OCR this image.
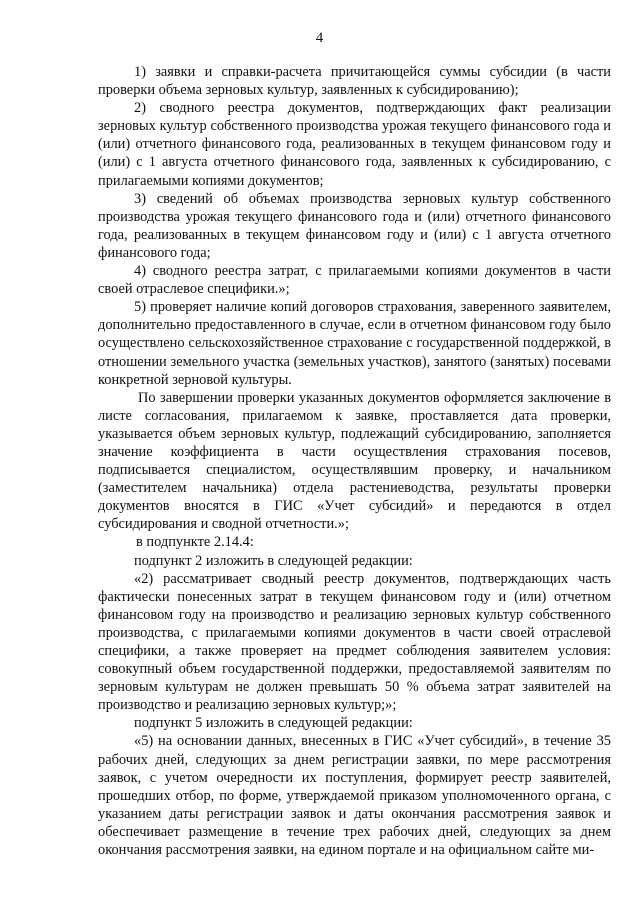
4

1) заявки и справки-расчета причитающейся суммы субсидии (в части проверки объема зерновых культур, заявленных к субсидированию);

2) сводного реестра документов, подтверждающих факт реализации зерновых культур собственного производства урожая текущего финансового года и (или) отчетного финансового года, реализованных в текущем финансовом году и (или) с 1 августа отчетного финансового года, заявленных к субсидированию, с прилагаемыми копиями документов;

3) сведений об объемах производства зерновых культур собственного производства урожая текущего финансового года и (или) отчетного финансового года, реализованных в текущем финансовом году и (или) с 1 августа отчетного финансового года;

4) сводного реестра затрат, с прилагаемыми копиями документов в части своей отраслевое специфики.»;

5) проверяет наличие копий договоров страхования, заверенного заявителем, дополнительно предоставленного в случае, если в отчетном финансовом году было осуществлено сельскохозяйственное страхование с государственной поддержкой, в отношении земельного участка (земельных участков), занятого (занятых) посевами конкретной зерновой культуры.

По завершении проверки указанных документов оформляется заключение в листе согласования, прилагаемом к заявке, проставляется дата проверки, указывается объем зерновых культур, подлежащий субсидированию, заполняется значение коэффициента в части осуществления страхования посевов, подписывается специалистом, осуществлявшим проверку, и начальником (заместителем начальника) отдела растениеводства, результаты проверки документов вносятся в ГИС «Учет субсидий» и передаются в отдел субсидирования и сводной отчетности.»;

в подпункте 2.14.4:

подпункт 2 изложить в следующей редакции:

«2) рассматривает сводный реестр документов, подтверждающих часть фактически понесенных затрат в текущем финансовом году и (или) отчетном финансовом году на производство и реализацию зерновых культур собственного производства, с прилагаемыми копиями документов в части своей отраслевой специфики, а также проверяет на предмет соблюдения заявителем условия: совокупный объем государственной поддержки, предоставляемой заявителям по зерновым культурам не должен превышать 50 % объема затрат заявителей на производство и реализацию зерновых культур;»;

подпункт 5 изложить в следующей редакции:

«5) на основании данных, внесенных в ГИС «Учет субсидий», в течение 35 рабочих дней, следующих за днем регистрации заявки, по мере рассмотрения заявок, с учетом очередности их поступления, формирует реестр заявителей, прошедших отбор, по форме, утверждаемой приказом уполномоченного органа, с указанием даты регистрации заявок и даты окончания рассмотрения заявок и обеспечивает размещение в течение трех рабочих дней, следующих за днем окончания рассмотрения заявки, на едином портале и на официальном сайте ми-
